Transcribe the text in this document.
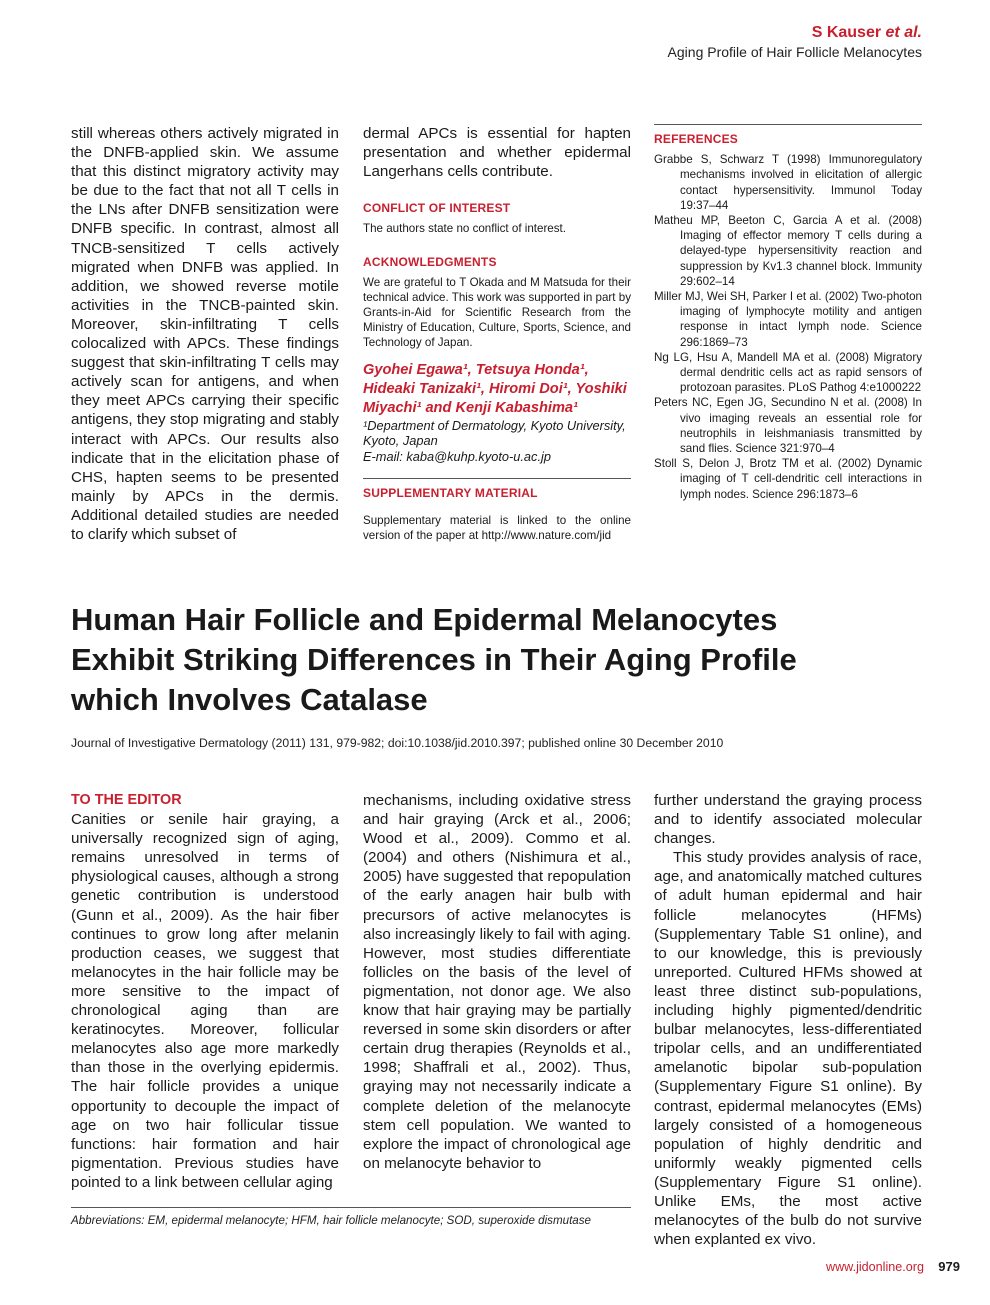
S Kauser et al.
Aging Profile of Hair Follicle Melanocytes

still whereas others actively migrated in the DNFB-applied skin. We assume that this distinct migratory activity may be due to the fact that not all T cells in the LNs after DNFB sensitization were DNFB specific. In contrast, almost all TNCB-sensitized T cells actively migrated when DNFB was applied. In addition, we showed reverse motile activities in the TNCB-painted skin. Moreover, skin-infiltrating T cells colocalized with APCs. These findings suggest that skin-infiltrating T cells may actively scan for antigens, and when they meet APCs carrying their specific antigens, they stop migrating and stably interact with APCs. Our results also indicate that in the elicitation phase of CHS, hapten seems to be presented mainly by APCs in the dermis. Additional detailed studies are needed to clarify which subset of

dermal APCs is essential for hapten presentation and whether epidermal Langerhans cells contribute.

CONFLICT OF INTEREST

The authors state no conflict of interest.

ACKNOWLEDGMENTS

We are grateful to T Okada and M Matsuda for their technical advice. This work was supported in part by Grants-in-Aid for Scientific Research from the Ministry of Education, Culture, Sports, Science, and Technology of Japan.

Gyohei Egawa¹, Tetsuya Honda¹, Hideaki Tanizaki¹, Hiromi Doi¹, Yoshiki Miyachi¹ and Kenji Kabashima¹

¹Department of Dermatology, Kyoto University, Kyoto, Japan

E-mail: kaba@kuhp.kyoto-u.ac.jp

SUPPLEMENTARY MATERIAL

Supplementary material is linked to the online version of the paper at http://www.nature.com/jid

REFERENCES

Grabbe S, Schwarz T (1998) Immunoregulatory mechanisms involved in elicitation of allergic contact hypersensitivity. Immunol Today 19:37–44

Matheu MP, Beeton C, Garcia A et al. (2008) Imaging of effector memory T cells during a delayed-type hypersensitivity reaction and suppression by Kv1.3 channel block. Immunity 29:602–14

Miller MJ, Wei SH, Parker I et al. (2002) Two-photon imaging of lymphocyte motility and antigen response in intact lymph node. Science 296:1869–73

Ng LG, Hsu A, Mandell MA et al. (2008) Migratory dermal dendritic cells act as rapid sensors of protozoan parasites. PLoS Pathog 4:e1000222

Peters NC, Egen JG, Secundino N et al. (2008) In vivo imaging reveals an essential role for neutrophils in leishmaniasis transmitted by sand flies. Science 321:970–4

Stoll S, Delon J, Brotz TM et al. (2002) Dynamic imaging of T cell-dendritic cell interactions in lymph nodes. Science 296:1873–6

Human Hair Follicle and Epidermal Melanocytes Exhibit Striking Differences in Their Aging Profile which Involves Catalase
Journal of Investigative Dermatology (2011) 131, 979-982; doi:10.1038/jid.2010.397; published online 30 December 2010
TO THE EDITOR

Canities or senile hair graying, a universally recognized sign of aging, remains unresolved in terms of physiological causes, although a strong genetic contribution is understood (Gunn et al., 2009). As the hair fiber continues to grow long after melanin production ceases, we suggest that melanocytes in the hair follicle may be more sensitive to the impact of chronological aging than are keratinocytes. Moreover, follicular melanocytes also age more markedly than those in the overlying epidermis. The hair follicle provides a unique opportunity to decouple the impact of age on two hair follicular tissue functions: hair formation and hair pigmentation. Previous studies have pointed to a link between cellular aging

mechanisms, including oxidative stress and hair graying (Arck et al., 2006; Wood et al., 2009). Commo et al. (2004) and others (Nishimura et al., 2005) have suggested that repopulation of the early anagen hair bulb with precursors of active melanocytes is also increasingly likely to fail with aging. However, most studies differentiate follicles on the basis of the level of pigmentation, not donor age. We also know that hair graying may be partially reversed in some skin disorders or after certain drug therapies (Reynolds et al., 1998; Shaffrali et al., 2002). Thus, graying may not necessarily indicate a complete deletion of the melanocyte stem cell population. We wanted to explore the impact of chronological age on melanocyte behavior to

further understand the graying process and to identify associated molecular changes.

This study provides analysis of race, age, and anatomically matched cultures of adult human epidermal and hair follicle melanocytes (HFMs) (Supplementary Table S1 online), and to our knowledge, this is previously unreported. Cultured HFMs showed at least three distinct sub-populations, including highly pigmented/dendritic bulbar melanocytes, less-differentiated tripolar cells, and an undifferentiated amelanotic bipolar sub-population (Supplementary Figure S1 online). By contrast, epidermal melanocytes (EMs) largely consisted of a homogeneous population of highly dendritic and uniformly weakly pigmented cells (Supplementary Figure S1 online). Unlike EMs, the most active melanocytes of the bulb do not survive when explanted ex vivo.

Abbreviations: EM, epidermal melanocyte; HFM, hair follicle melanocyte; SOD, superoxide dismutase
www.jidonline.org 979
